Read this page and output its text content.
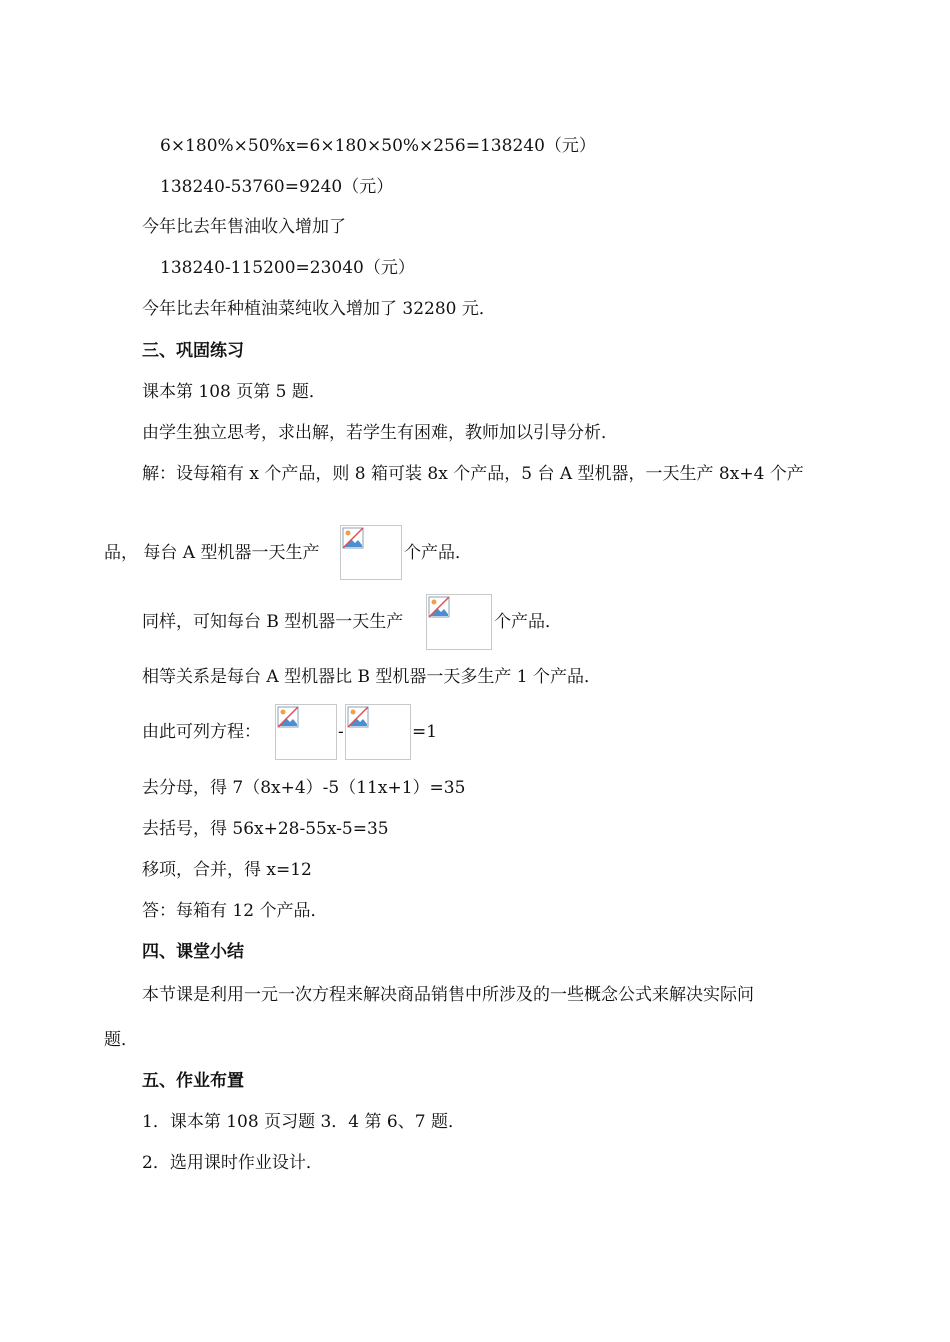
6×180%×50%x=6×180×50%×256=138240（元）
138240-53760=9240（元）
今年比去年售油收入增加了
138240-115200=23040（元）
今年比去年种植油菜纯收入增加了 32280 元．
三、巩固练习
课本第 108 页第 5 题．
由学生独立思考，求出解，若学生有困难，教师加以引导分析．
解：设每箱有 x 个产品，则 8 箱可装 8x 个产品，5 台 A 型机器，一天生产 8x+4 个产
品， 每台 A 型机器一天生产	个产品．
同样，可知每台 B 型机器一天生产	个产品．
相等关系是每台 A 型机器比 B 型机器一天多生产 1 个产品．
由此可列方程：	-	=1
去分母，得 7（8x+4）-5（11x+1）=35
去括号，得 56x+28-55x-5=35
移项，合并，得 x=12
答：每箱有 12 个产品．
四、课堂小结
本节课是利用一元一次方程来解决商品销售中所涉及的一些概念公式来解决实际问
题．
五、作业布置
1．课本第 108 页习题 3．4 第 6、7 题．
2．选用课时作业设计．
